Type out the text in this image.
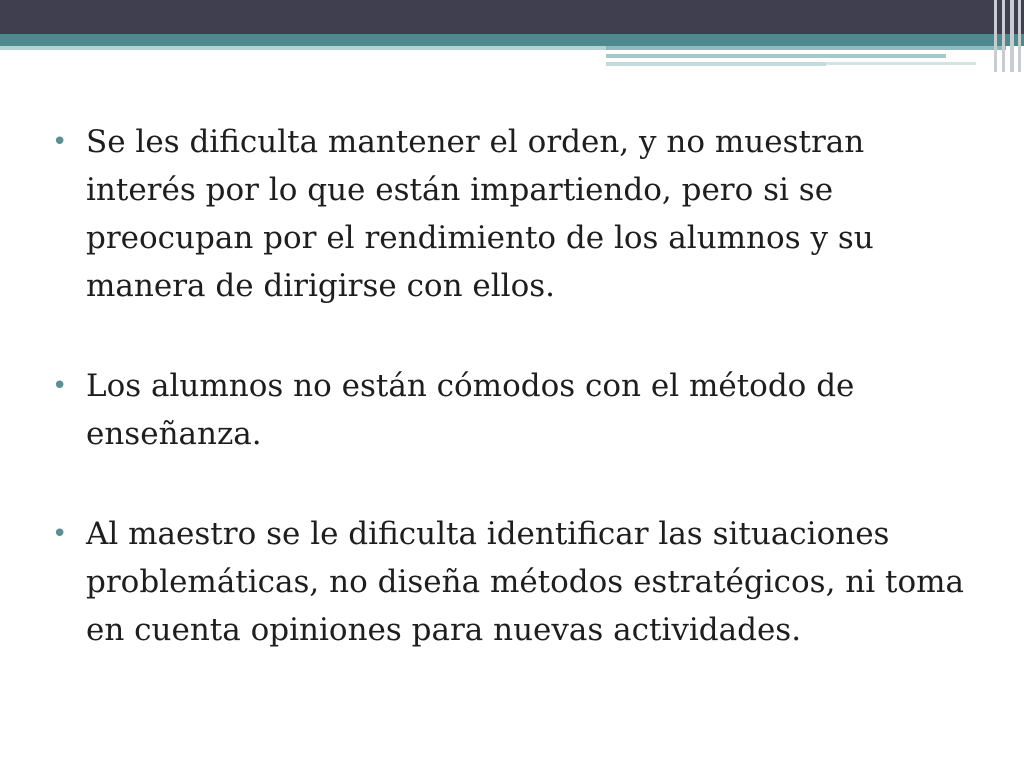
• Se les dificulta mantener el orden, y no muestran interés por lo que están impartiendo, pero si se preocupan por el rendimiento de los alumnos y su manera de dirigirse con ellos.
• Los alumnos no están cómodos con el método de enseñanza.
• Al maestro se le dificulta identificar las situaciones problemáticas, no diseña métodos estratégicos, ni toma en cuenta opiniones para nuevas actividades.
